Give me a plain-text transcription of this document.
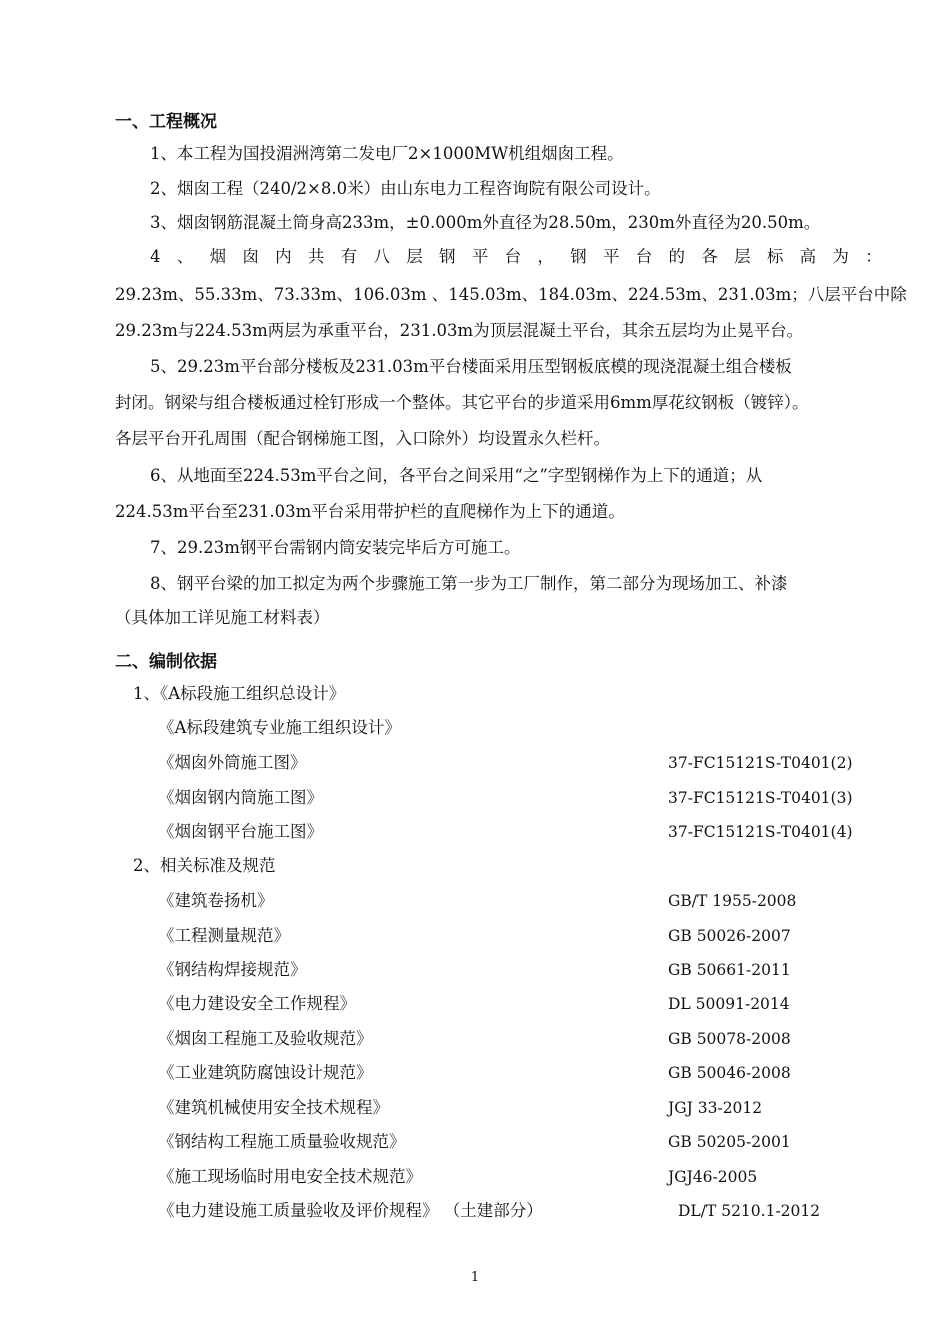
一、工程概况
1、本工程为国投湄洲湾第二发电厂2×1000MW机组烟囱工程。
2、烟囱工程（240/2×8.0米）由山东电力工程咨询院有限公司设计。
3、烟囱钢筋混凝土筒身高233m，±0.000m外直径为28.50m，230m外直径为20.50m。
4 、 烟 囱 内 共 有 八 层 钢 平 台 ， 钢 平 台 的 各 层 标 高 为 ：
29.23m、55.33m、73.33m、106.03m 、145.03m、184.03m、224.53m、231.03m；八层平台中除
29.23m与224.53m两层为承重平台，231.03m为顶层混凝土平台，其余五层均为止晃平台。
5、29.23m平台部分楼板及231.03m平台楼面采用压型钢板底模的现浇混凝土组合楼板
封闭。钢梁与组合楼板通过栓钉形成一个整体。其它平台的步道采用6mm厚花纹钢板（镀锌）。
各层平台开孔周围（配合钢梯施工图，入口除外）均设置永久栏杆。
6、从地面至224.53m平台之间，各平台之间采用“之”字型钢梯作为上下的通道；从
224.53m平台至231.03m平台采用带护栏的直爬梯作为上下的通道。
7、29.23m钢平台需钢内筒安装完毕后方可施工。
8、钢平台梁的加工拟定为两个步骤施工第一步为工厂制作，第二部分为现场加工、补漆
（具体加工详见施工材料表）
二、编制依据
1、《A标段施工组织总设计》
《A标段建筑专业施工组织设计》
《烟囱外筒施工图》	37-FC15121S-T0401(2)
《烟囱钢内筒施工图》	37-FC15121S-T0401(3)
《烟囱钢平台施工图》	37-FC15121S-T0401(4)
2、相关标准及规范
《建筑卷扬机》	GB/T 1955-2008
《工程测量规范》	GB 50026-2007
《钢结构焊接规范》	GB 50661-2011
《电力建设安全工作规程》	DL 50091-2014
《烟囱工程施工及验收规范》	GB 50078-2008
《工业建筑防腐蚀设计规范》	GB 50046-2008
《建筑机械使用安全技术规程》	JGJ 33-2012
《钢结构工程施工质量验收规范》	GB 50205-2001
《施工现场临时用电安全技术规范》	JGJ46-2005
《电力建设施工质量验收及评价规程》 （土建部分）	DL/T 5210.1-2012
1
